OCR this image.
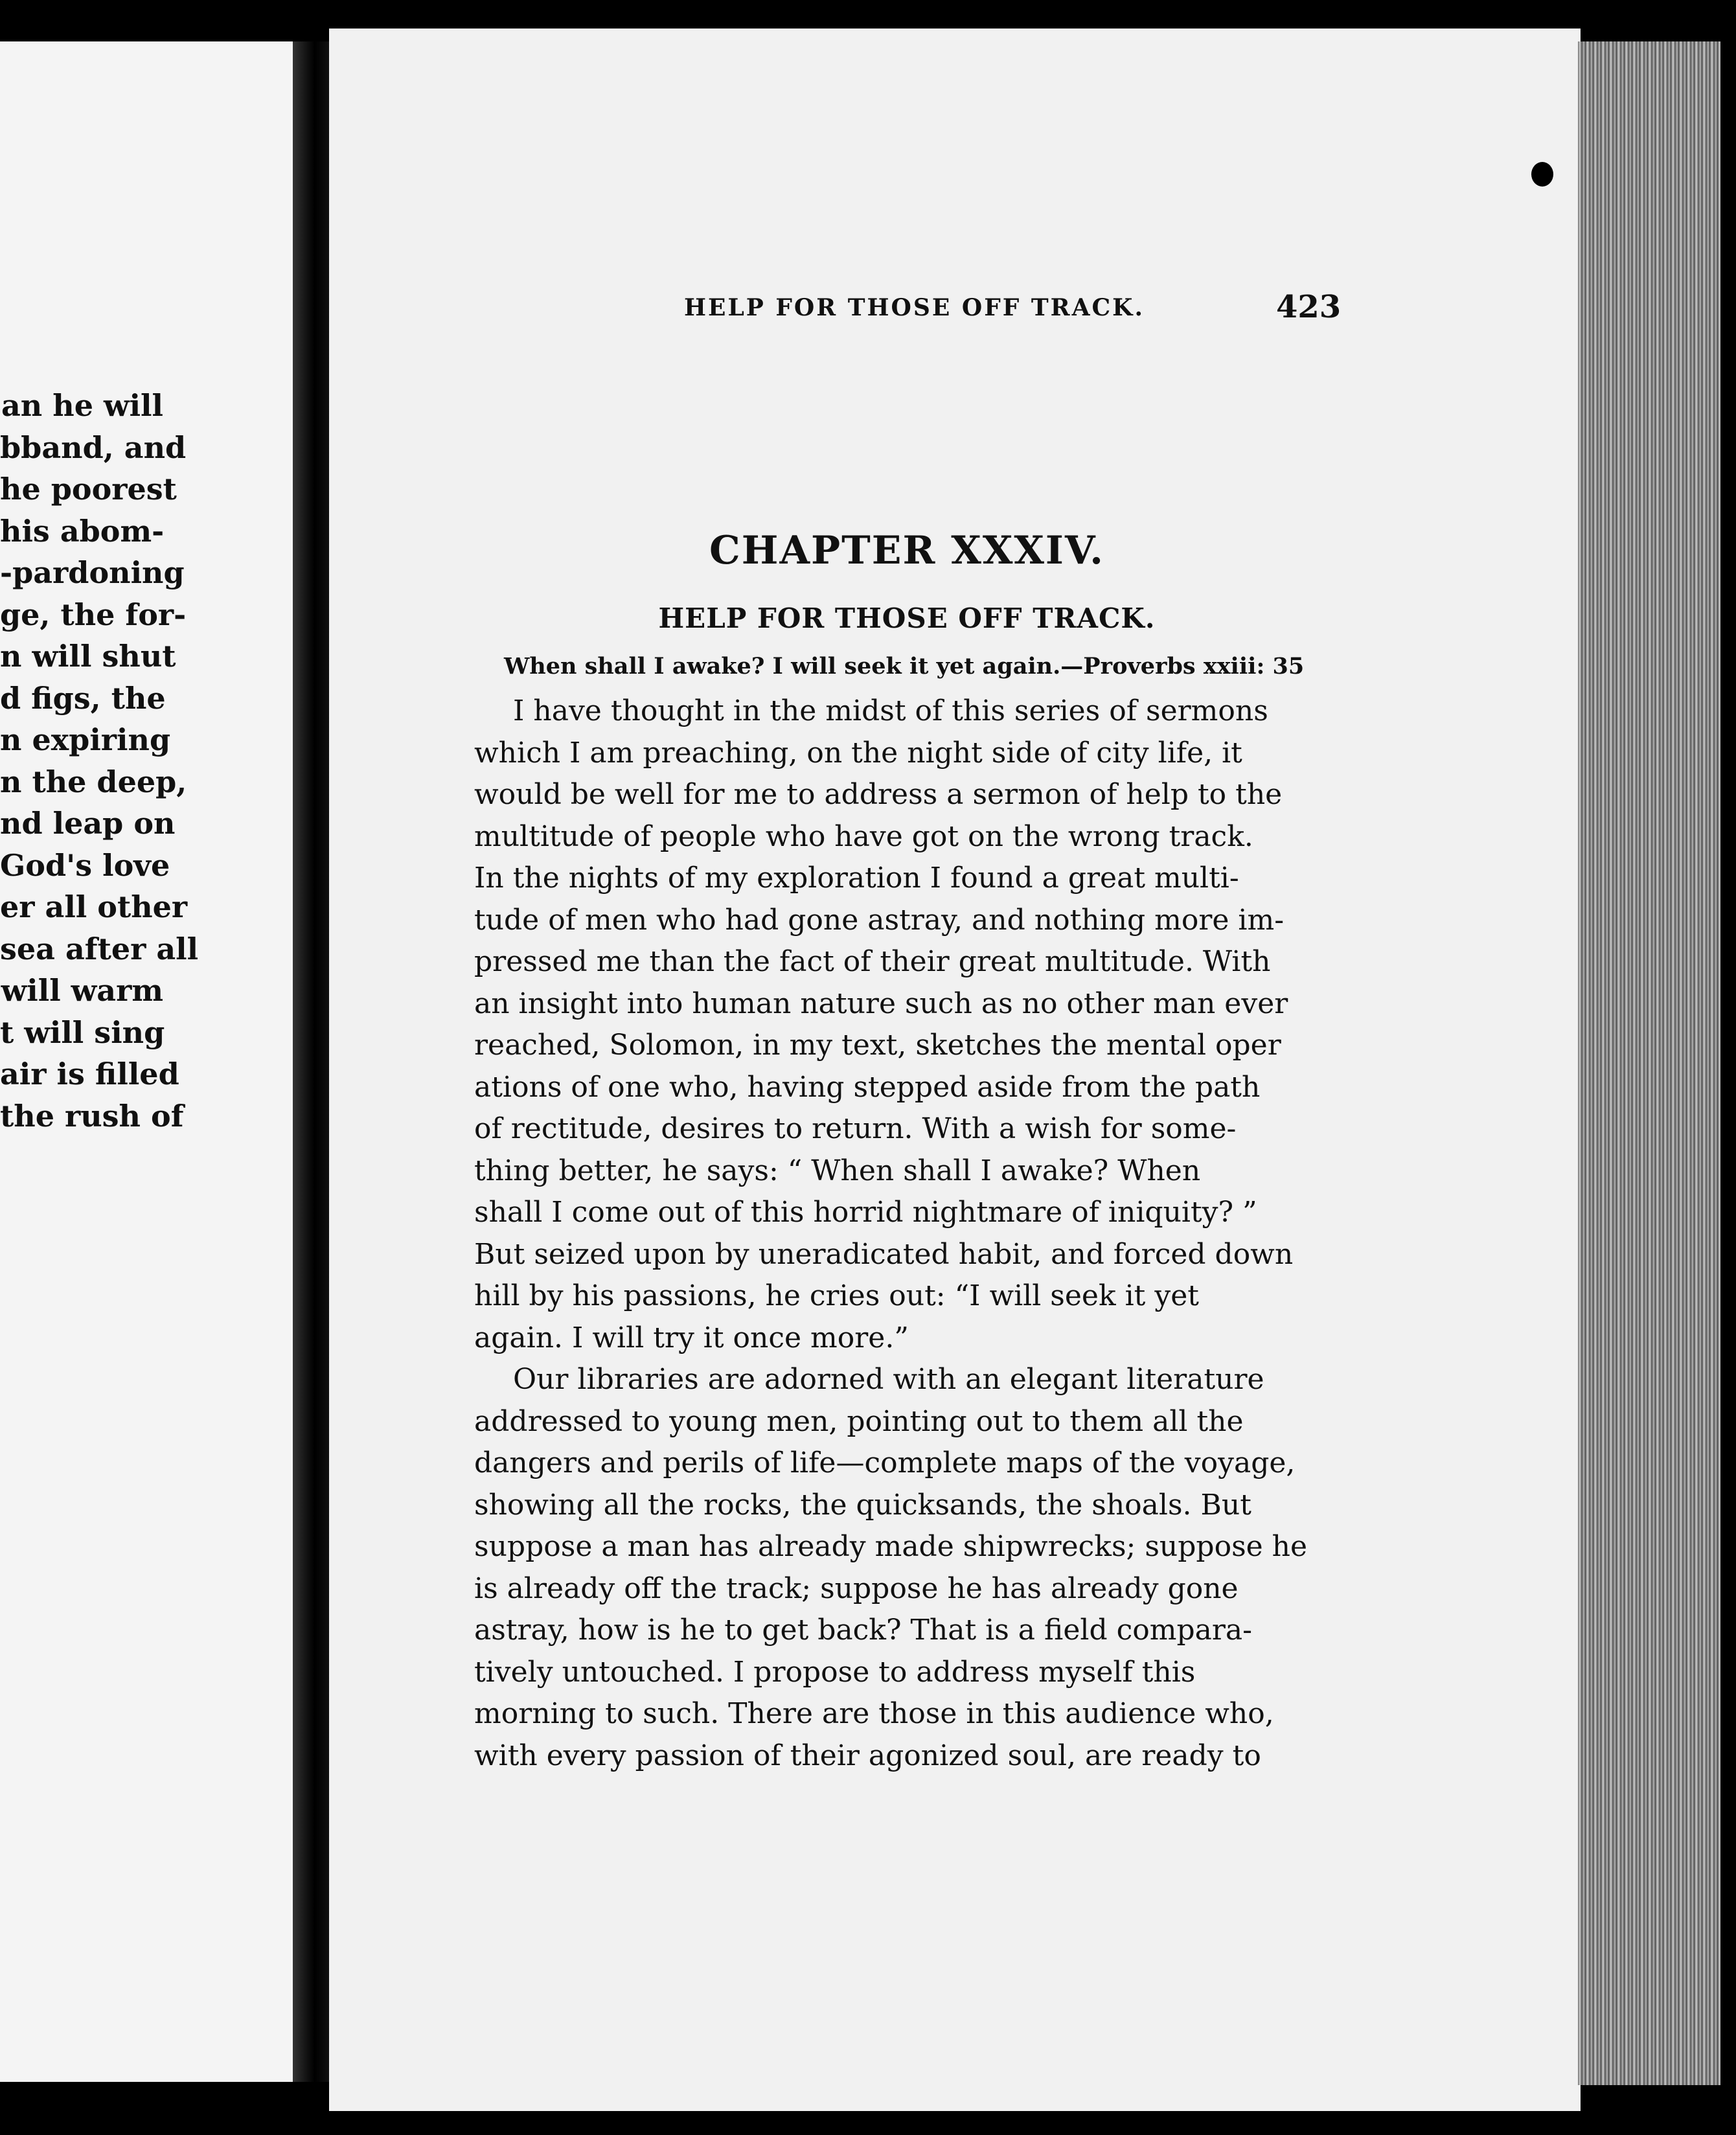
an he will
bband, and
he poorest
his abom-
-pardoning
ge, the for-
n will shut
d figs, the
n expiring
n the deep,
nd leap on
God's love
er all other
sea after all
will warm
t will sing
air is filled
the rush of
HELP FOR THOSE OFF TRACK.	423
CHAPTER XXXIV.
HELP FOR THOSE OFF TRACK.
When shall I awake? I will seek it yet again.—Proverbs xxiii: 35
I have thought in the midst of this series of sermons
which I am preaching, on the night side of city life, it
would be well for me to address a sermon of help to the
multitude of people who have got on the wrong track.
In the nights of my exploration I found a great multi-
tude of men who had gone astray, and nothing more im-
pressed me than the fact of their great multitude. With
an insight into human nature such as no other man ever
reached, Solomon, in my text, sketches the mental oper
ations of one who, having stepped aside from the path
of rectitude, desires to return. With a wish for some-
thing better, he says: “ When shall I awake? When
shall I come out of this horrid nightmare of iniquity? ”
But seized upon by uneradicated habit, and forced down
hill by his passions, he cries out: “I will seek it yet
again. I will try it once more.”
Our libraries are adorned with an elegant literature
addressed to young men, pointing out to them all the
dangers and perils of life—complete maps of the voyage,
showing all the rocks, the quicksands, the shoals. But
suppose a man has already made shipwrecks; suppose he
is already off the track; suppose he has already gone
astray, how is he to get back? That is a field compara-
tively untouched. I propose to address myself this
morning to such. There are those in this audience who,
with every passion of their agonized soul, are ready to
